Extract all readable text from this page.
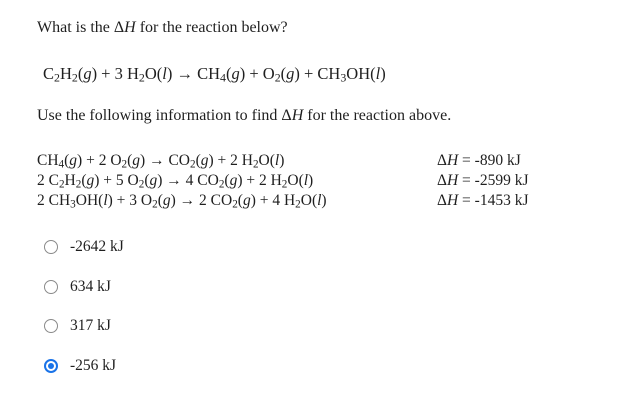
What is the ΔH for the reaction below?
$C_2H_2(g) + 3$ $H_2O(l) \to CH_4(g) + O_2(g) + CH_3OH(l)$
Use the following information to find ΔH for the reaction above.
$CH_4(g) + 2$ $O_2(g) \to CO_2(g) + 2$ $H_2O(l)$
2 $C_2H_2(g) + 5$ $O_2(g) \to 4$ $CO_2(g) + 2$ $H_2O(l)$
2 $CH_3OH(l) + 3$ $O_2(g) \to 2$ $CO_2(g) + 4$ $H_2O(l)$
ΔH = -890 kJ
ΔH = -2599 kJ
ΔH = -1453 kJ
-2642 kJ
634 kJ
317 kJ
-256 kJ
